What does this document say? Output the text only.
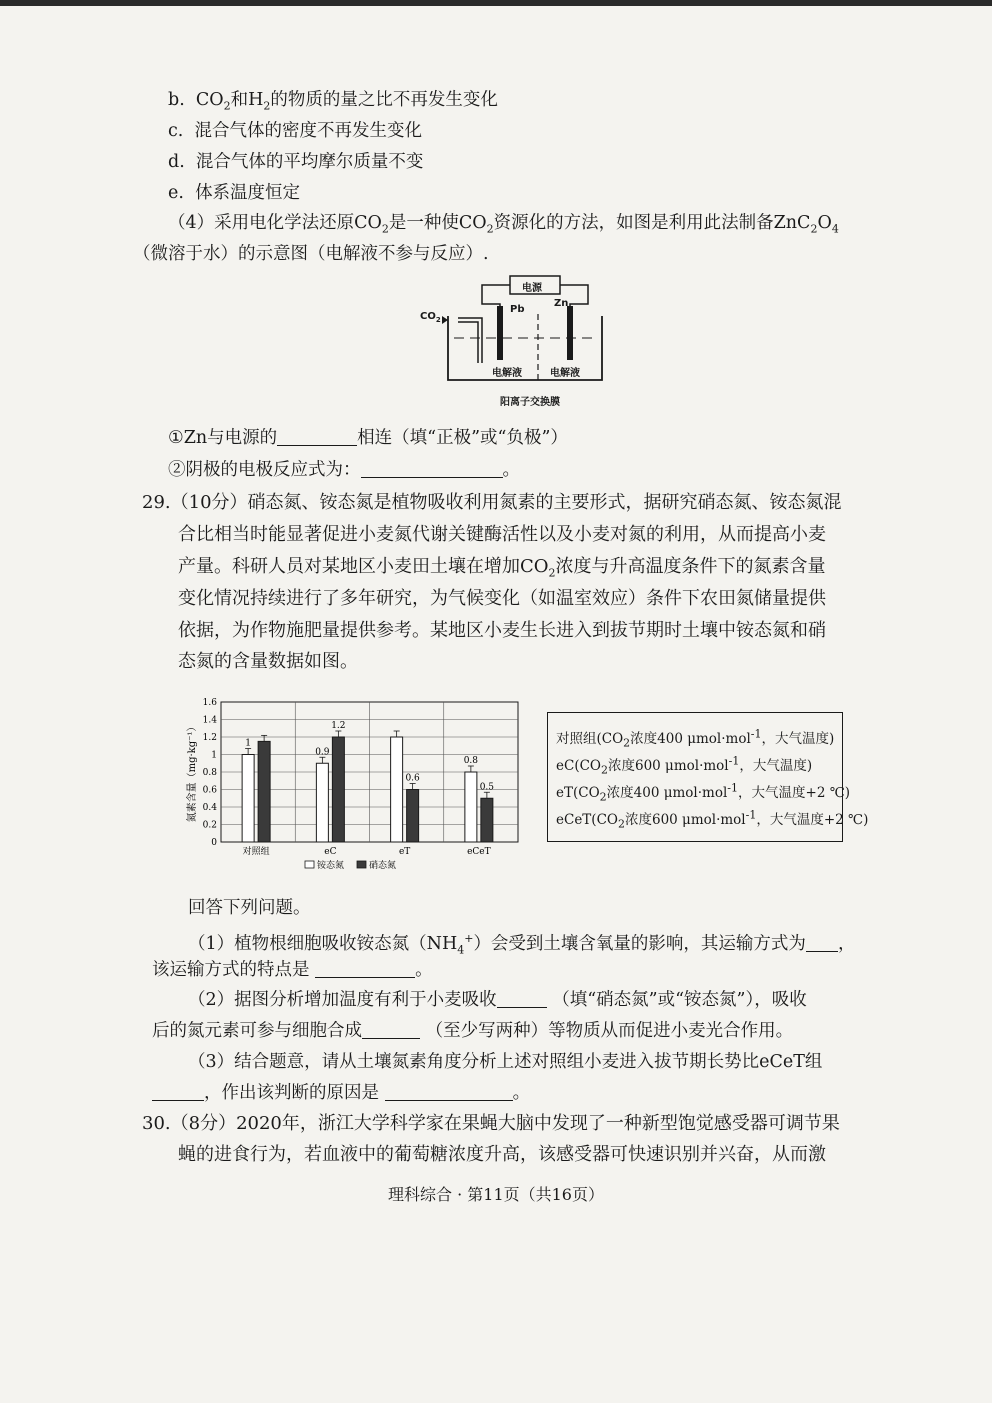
b. $CO_2$和$H_2$的物质的量之比不再发生变化
c. 混合气体的密度不再发生变化
d. 混合气体的平均摩尔质量不变
e. 体系温度恒定
（4）采用电化学法还原$CO_2$是一种使$CO_2$资源化的方法，如图是利用此法制备$ZnC_2O_4$
（微溶于水）的示意图（电解液不参与反应）.
电源
Pb
Zn
$CO_2$
电解液	电解液
阳离子交换膜
①Zn与电源的	相连（填“正极”或“负极”）
②阴极的电极反应式为：	。
29.（10分）硝态氮、铵态氮是植物吸收利用氮素的主要形式，据研究硝态氮、铵态氮混
合比相当时能显著促进小麦氮代谢关键酶活性以及小麦对氮的利用，从而提高小麦
产量。科研人员对某地区小麦田土壤在增加$CO_2$浓度与升高温度条件下的氮素含量
变化情况持续进行了多年研究，为气候变化（如温室效应）条件下农田氮储量提供
依据，为作物施肥量提供参考。某地区小麦生长进入到拔节期时土壤中铵态氮和硝
态氮的含量数据如图。
0
0.2
0.4
0.6
0.8
1
1.2
1.4
1.6
对照组	eC	eT	eCeT
1
0.9
1.2
0.6
0.8
0.5
氮素含量（mg·kg⁻¹）
铵态氮	硝态氮
对照组($CO_2$浓度400 μmol·mol$^{-1}$，大气温度)
$eC(CO_2$浓度600 μmol·mol$^{-1}$，大气温度)
$eT(CO_2$浓度400 μmol·mol$^{-1}$，大气温度+2 ℃)
$eCeT(CO_2$浓度600 μmol·mol$^{-1}$，大气温度+2 ℃)
回答下列问题。
（1）植物根细胞吸收铵态氮$(NH_4^+)$会受到土壤含氧量的影响，其运输方式为 ，
该运输方式的特点是	。
（2）据图分析增加温度有利于小麦吸收	（填“硝态氮”或“铵态氮”），吸收
后的氮元素可参与细胞合成	（至少写两种）等物质从而促进小麦光合作用。
（3）结合题意，请从土壤氮素角度分析上述对照组小麦进入拔节期长势比eCeT组
，作出该判断的原因是	。
30.（8分）2020年，浙江大学科学家在果蝇大脑中发现了一种新型饱觉感受器可调节果
蝇的进食行为，若血液中的葡萄糖浓度升高，该感受器可快速识别并兴奋，从而激
理科综合 · 第11页（共16页）
